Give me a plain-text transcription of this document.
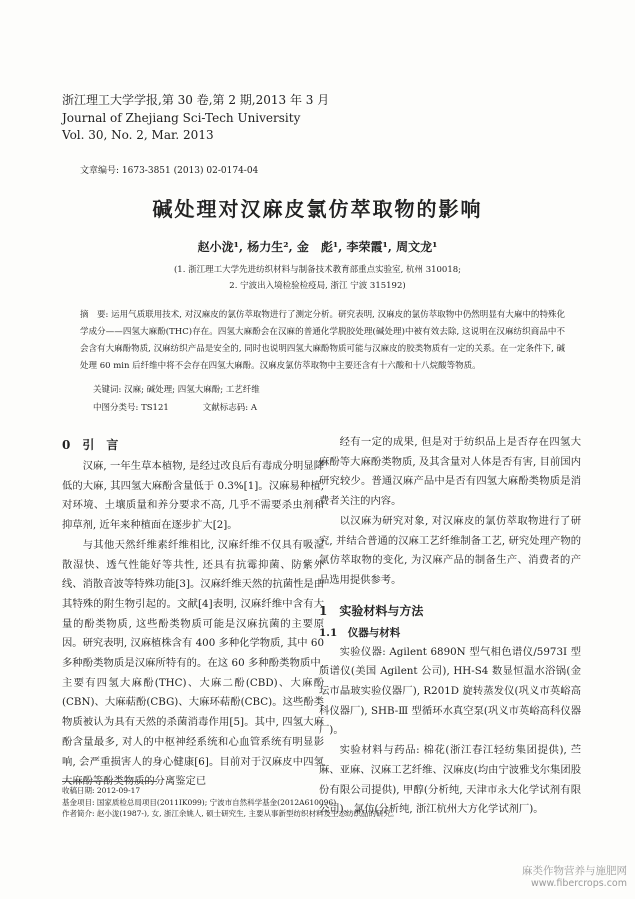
浙江理工大学学报,第 30 卷,第 2 期,2013 年 3 月
Journal of Zhejiang Sci-Tech University
Vol. 30, No. 2, Mar. 2013
文章编号: 1673-3851 (2013) 02-0174-04
碱处理对汉麻皮氯仿萃取物的影响
赵小泷¹, 杨力生², 金　彪¹, 李荣霞¹, 周文龙¹
(1. 浙江理工大学先进纺织材料与制备技术教育部重点实验室, 杭州 310018;
2. 宁波出入境检验检疫局, 浙江 宁波 315192)
摘　要: 运用气质联用技术, 对汉麻皮的氯仿萃取物进行了测定分析。研究表明, 汉麻皮的氯仿萃取物中仍然明显有大麻中的特殊化学成分——四氢大麻酚(THC)存在。四氢大麻酚会在汉麻的普通化学脱胶处理(碱处理)中被有效去除, 这说明在汉麻纺织商品中不会含有大麻酚物质, 汉麻纺织产品是安全的, 同时也说明四氢大麻酚物质可能与汉麻皮的胶类物质有一定的关系。在一定条件下, 碱处理 60 min 后纤维中将不会存在四氢大麻酚。汉麻皮氯仿萃取物中主要还含有十六酸和十八烷酸等物质。
关键词: 汉麻; 碱处理; 四氢大麻酚; 工艺纤维
中图分类号: TS121　　　　文献标志码: A

0　引　言

汉麻, 一年生草本植物, 是经过改良后有毒成分明显降低的大麻, 其四氢大麻酚含量低于 0.3%[1]。汉麻易种植, 对环境、土壤质量和养分要求不高, 几乎不需要杀虫剂和抑草剂, 近年来种植面在逐步扩大[2]。

与其他天然纤维素纤维相比, 汉麻纤维不仅具有吸湿散湿快、透气性能好等共性, 还具有抗霉抑菌、防紫外线、消散音波等特殊功能[3]。汉麻纤维天然的抗菌性是由其特殊的附生物引起的。文献[4]表明, 汉麻纤维中含有大量的酚类物质, 这些酚类物质可能是汉麻抗菌的主要原因。研究表明, 汉麻植株含有 400 多种化学物质, 其中 60 多种酚类物质是汉麻所特有的。在这 60 多种酚类物质中, 主要有四氢大麻酚(THC)、大麻二酚(CBD)、大麻酚(CBN)、大麻萜酚(CBG)、大麻环萜酚(CBC)。这些酚类物质被认为具有天然的杀菌消毒作用[5]。其中, 四氢大麻酚含量最多, 对人的中枢神经系统和心血管系统有明显影响, 会严重损害人的身心健康[6]。目前对于汉麻皮中四氢大麻酚等酚类物质的分离鉴定已

经有一定的成果, 但是对于纺织品上是否存在四氢大麻酚等大麻酚类物质, 及其含量对人体是否有害, 目前国内研究较少。普通汉麻产品中是否有四氢大麻酚类物质是消费者关注的内容。

以汉麻为研究对象, 对汉麻皮的氯仿萃取物进行了研究, 并结合普通的汉麻工艺纤维制备工艺, 研究处理产物的氯仿萃取物的变化, 为汉麻产品的制备生产、消费者的产品选用提供参考。

1　实验材料与方法

1.1　仪器与材料

实验仪器: Agilent 6890N 型气相色谱仪/5973I 型质谱仪(美国 Agilent 公司), HH-S4 数显恒温水浴锅(金坛市晶玻实验仪器厂), R201D 旋转蒸发仪(巩义市英峪高科仪器厂), SHB-Ⅲ 型循环水真空泵(巩义市英峪高科仪器厂)。

实验材料与药品: 棉花(浙江春江轻纺集团提供), 苎麻、亚麻、汉麻工艺纤维、汉麻皮(均由宁波雅戈尔集团股份有限公司提供), 甲醇(分析纯, 天津市永大化学试剂有限公司)、氯仿(分析纯, 浙江杭州大方化学试剂厂)。

收稿日期: 2012-09-17
基金项目: 国家质检总局项目(2011IK099); 宁波市自然科学基金(2012A610096)
作者简介: 赵小泷(1987-), 女, 浙江余姚人, 硕士研究生, 主要从事新型纺织材料及生态纺织品的研究。
麻类作物营养与施肥网
www.fibercrops.com
